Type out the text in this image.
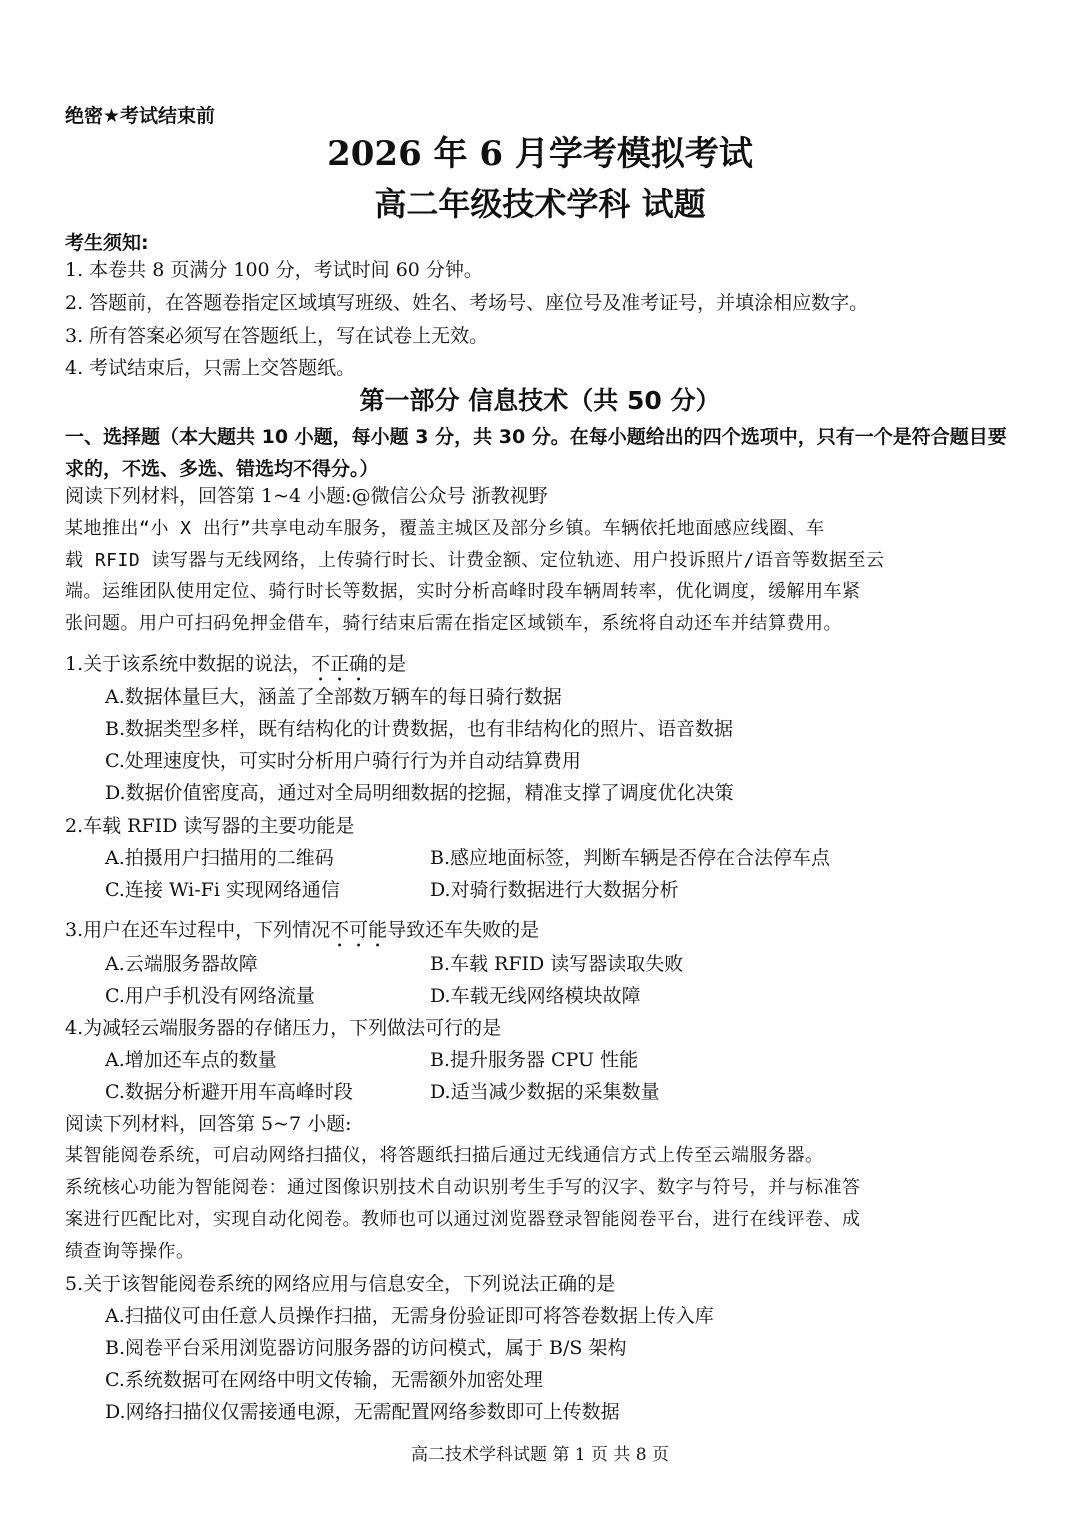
绝密★考试结束前
2026 年 6 月学考模拟考试
高二年级技术学科 试题
考生须知:
1. 本卷共 8 页满分 100 分，考试时间 60 分钟。
2. 答题前，在答题卷指定区域填写班级、姓名、考场号、座位号及准考证号，并填涂相应数字。
3. 所有答案必须写在答题纸上，写在试卷上无效。
4. 考试结束后，只需上交答题纸。
第一部分 信息技术（共 50 分）
一、选择题（本大题共 10 小题，每小题 3 分，共 30 分。在每小题给出的四个选项中，只有一个是符合题目要求的，不选、多选、错选均不得分。）
阅读下列材料，回答第 1~4 小题:@微信公众号 浙教视野
某地推出“小 X 出行”共享电动车服务，覆盖主城区及部分乡镇。车辆依托地面感应线圈、车
载 RFID 读写器与无线网络，上传骑行时长、计费金额、定位轨迹、用户投诉照片/语音等数据至云
端。运维团队使用定位、骑行时长等数据，实时分析高峰时段车辆周转率，优化调度，缓解用车紧
张问题。用户可扫码免押金借车，骑行结束后需在指定区域锁车，系统将自动还车并结算费用。
1.关于该系统中数据的说法，不正确的是
A.数据体量巨大，涵盖了全部数万辆车的每日骑行数据
B.数据类型多样，既有结构化的计费数据，也有非结构化的照片、语音数据
C.处理速度快，可实时分析用户骑行行为并自动结算费用
D.数据价值密度高，通过对全局明细数据的挖掘，精准支撑了调度优化决策
2.车载 RFID 读写器的主要功能是
A.拍摄用户扫描用的二维码	B.感应地面标签，判断车辆是否停在合法停车点
C.连接 Wi-Fi 实现网络通信	D.对骑行数据进行大数据分析
3.用户在还车过程中，下列情况不可能导致还车失败的是
A.云端服务器故障	B.车载 RFID 读写器读取失败
C.用户手机没有网络流量	D.车载无线网络模块故障
4.为减轻云端服务器的存储压力，下列做法可行的是
A.增加还车点的数量	B.提升服务器 CPU 性能
C.数据分析避开用车高峰时段	D.适当减少数据的采集数量
阅读下列材料，回答第 5~7 小题:
某智能阅卷系统，可启动网络扫描仪，将答题纸扫描后通过无线通信方式上传至云端服务器。
系统核心功能为智能阅卷：通过图像识别技术自动识别考生手写的汉字、数字与符号，并与标准答
案进行匹配比对，实现自动化阅卷。教师也可以通过浏览器登录智能阅卷平台，进行在线评卷、成
绩查询等操作。
5.关于该智能阅卷系统的网络应用与信息安全，下列说法正确的是
A.扫描仪可由任意人员操作扫描，无需身份验证即可将答卷数据上传入库
B.阅卷平台采用浏览器访问服务器的访问模式，属于 B/S 架构
C.系统数据可在网络中明文传输，无需额外加密处理
D.网络扫描仪仅需接通电源，无需配置网络参数即可上传数据
高二技术学科试题 第 1 页 共 8 页
